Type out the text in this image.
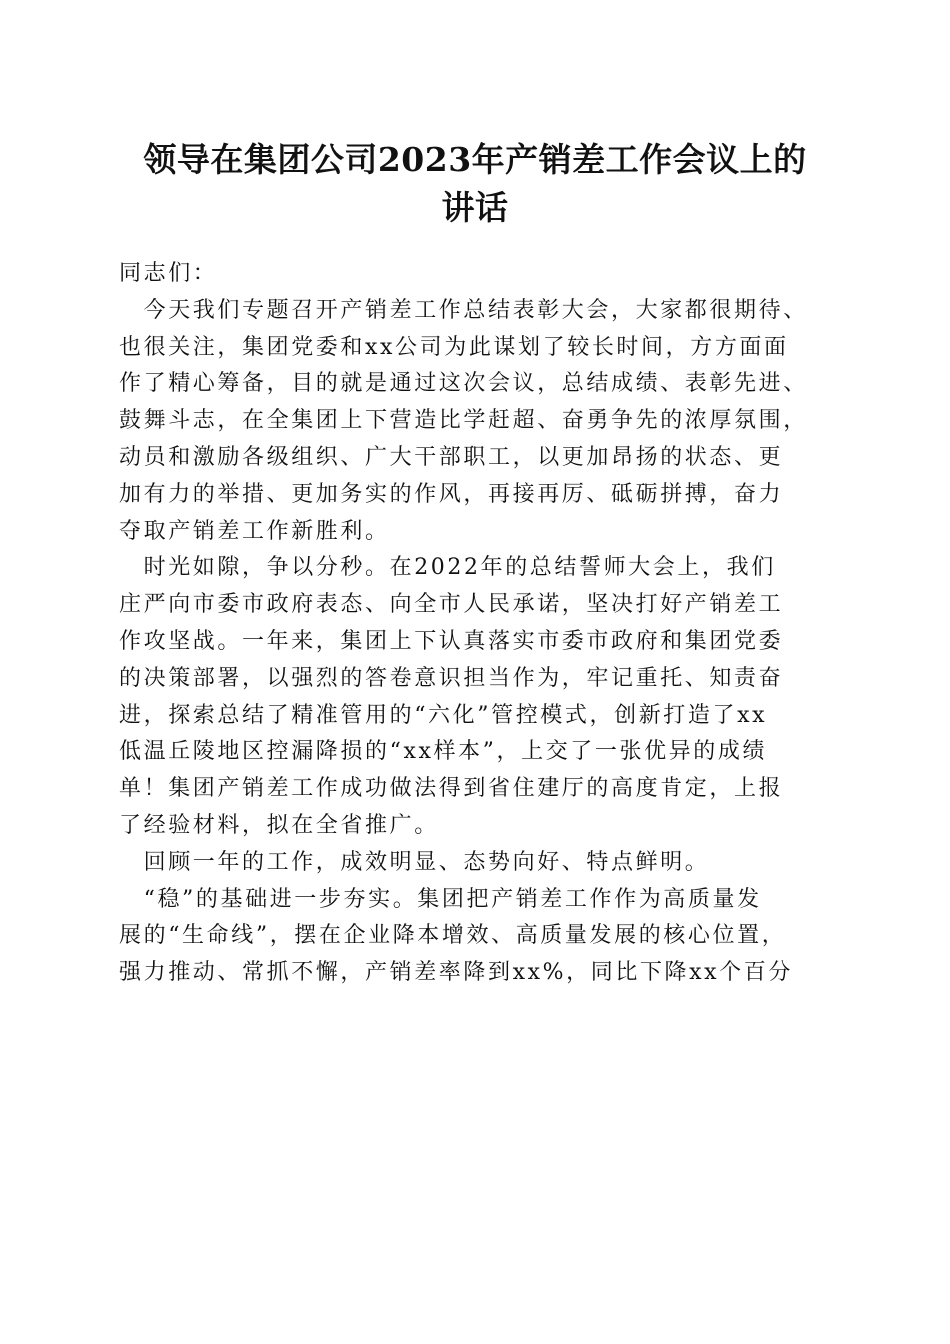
领导在集团公司2023年产销差工作会议上的
讲话
同志们：
　今天我们专题召开产销差工作总结表彰大会，大家都很期待、
也很关注，集团党委和xx公司为此谋划了较长时间，方方面面
作了精心筹备，目的就是通过这次会议，总结成绩、表彰先进、
鼓舞斗志，在全集团上下营造比学赶超、奋勇争先的浓厚氛围，
动员和激励各级组织、广大干部职工，以更加昂扬的状态、更
加有力的举措、更加务实的作风，再接再厉、砥砺拼搏，奋力
夺取产销差工作新胜利。
　时光如隙，争以分秒。在2022年的总结誓师大会上，我们
庄严向市委市政府表态、向全市人民承诺，坚决打好产销差工
作攻坚战。一年来，集团上下认真落实市委市政府和集团党委
的决策部署，以强烈的答卷意识担当作为，牢记重托、知责奋
进，探索总结了精准管用的“六化”管控模式，创新打造了xx
低温丘陵地区控漏降损的“xx样本”，上交了一张优异的成绩
单！集团产销差工作成功做法得到省住建厅的高度肯定，上报
了经验材料，拟在全省推广。
　回顾一年的工作，成效明显、态势向好、特点鲜明。
　“稳”的基础进一步夯实。集团把产销差工作作为高质量发
展的“生命线”，摆在企业降本增效、高质量发展的核心位置，
强力推动、常抓不懈，产销差率降到xx%，同比下降xx个百分
